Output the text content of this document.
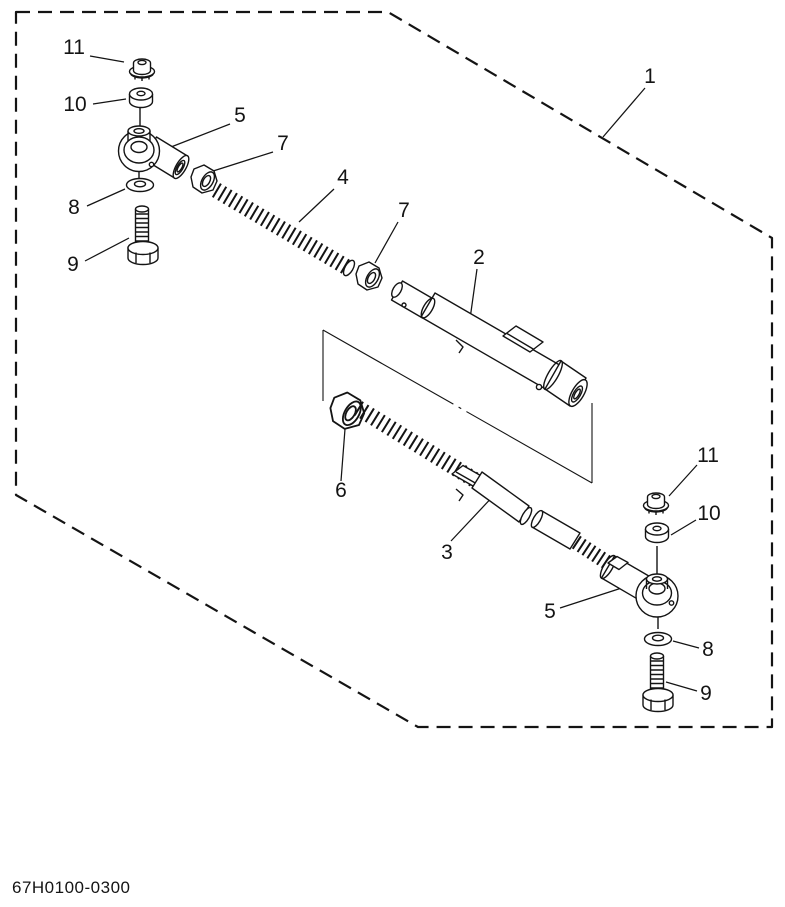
1
11
10	5
7
4
7
2
8
9
6
3
5
11
10
8
9
67H0100-0300
